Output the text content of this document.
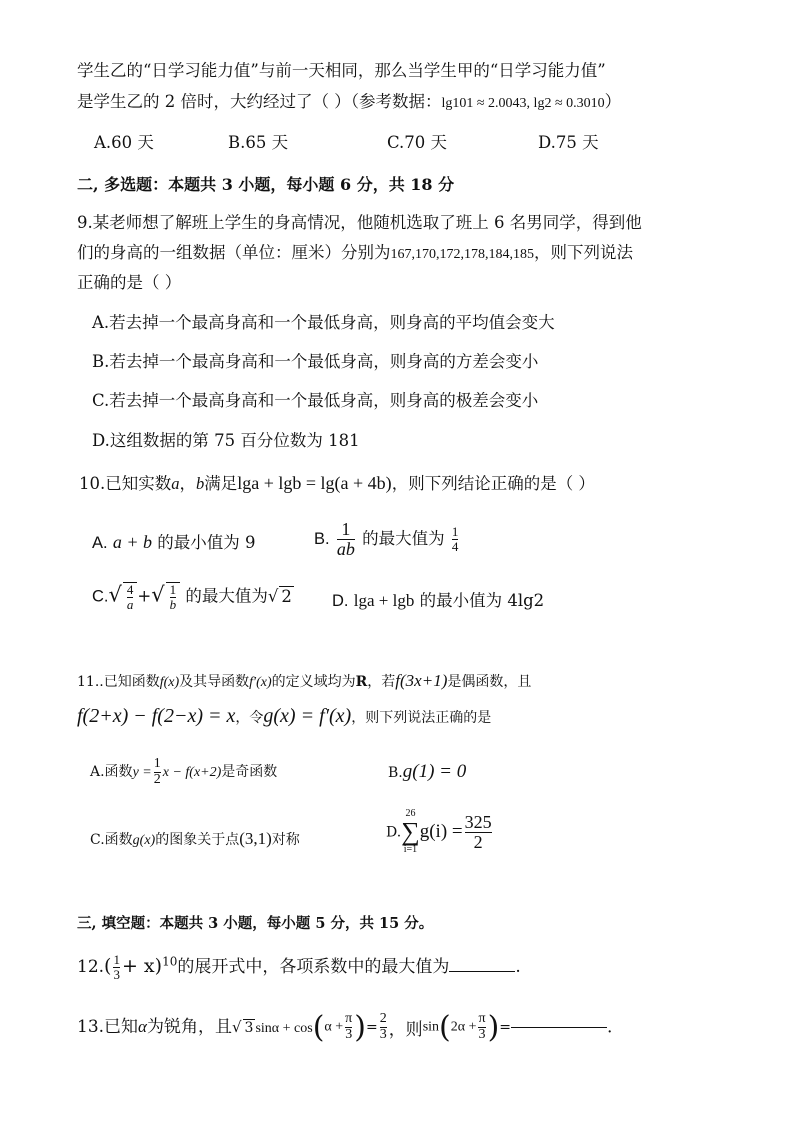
学生乙的“日学习能力值”与前一天相同，那么当学生甲的“日学习能力值”
是学生乙的 2 倍时，大约经过了（ ）（参考数据：lg101 ≈ 2.0043, lg2 ≈ 0.3010）
A.60 天	B.65 天	C.70 天	D.75 天
二, 多选题：本题共 3 小题，每小题 6 分，共 18 分
9.某老师想了解班上学生的身高情况，他随机选取了班上 6 名男同学，得到他
们的身高的一组数据（单位：厘米）分别为167,170,172,178,184,185，则下列说法
正确的是（ ）
A.若去掉一个最高身高和一个最低身高，则身高的平均值会变大
B.若去掉一个最高身高和一个最低身高，则身高的方差会变小
C.若去掉一个最高身高和一个最低身高，则身高的极差会变小
D.这组数据的第 75 百分位数为 181
10.已知实数a，b满足lga + lgb = lg(a + 4b)，则下列结论正确的是（ ）
A. a + b 的最小值为 9	B. $\frac{1}{ab}$ 的最大值为 $\frac{1}{4}$
$C.√ \frac{4}{a}$ +√ $\frac{1}{b}$ 的最大值为√ 2 D. lga + lgb 的最小值为 4lg2
11..已知函数f(x)及其导函数f′(x)的定义域均为R，若f(3x+1)是偶函数，且
f(2+x) − f(2−x) = x，令g(x) = f′(x)，则下列说法正确的是
A.函数$y = \frac{1}{2}$ x − f(x+2)是奇函数	B.g(1) = 0
C.函数g(x)的图象关于点(3,1)对称	D.
26
∑
i=1
$g(i) = \frac{325}{2}$
三, 填空题：本题共 3 小题，每小题 5 分，共 15 分。
$12.( \frac{1}{3} + x)^{10}$的展开式中，各项系数中的最大值为	.
13.已知α为锐角，且√ 3 $\sin\alpha + \cos(\alpha + \frac{\pi}{3}$ )= $\frac{2}{3}$ ，则$\sin(2\alpha + \frac{\pi}{3}$ )=	.
